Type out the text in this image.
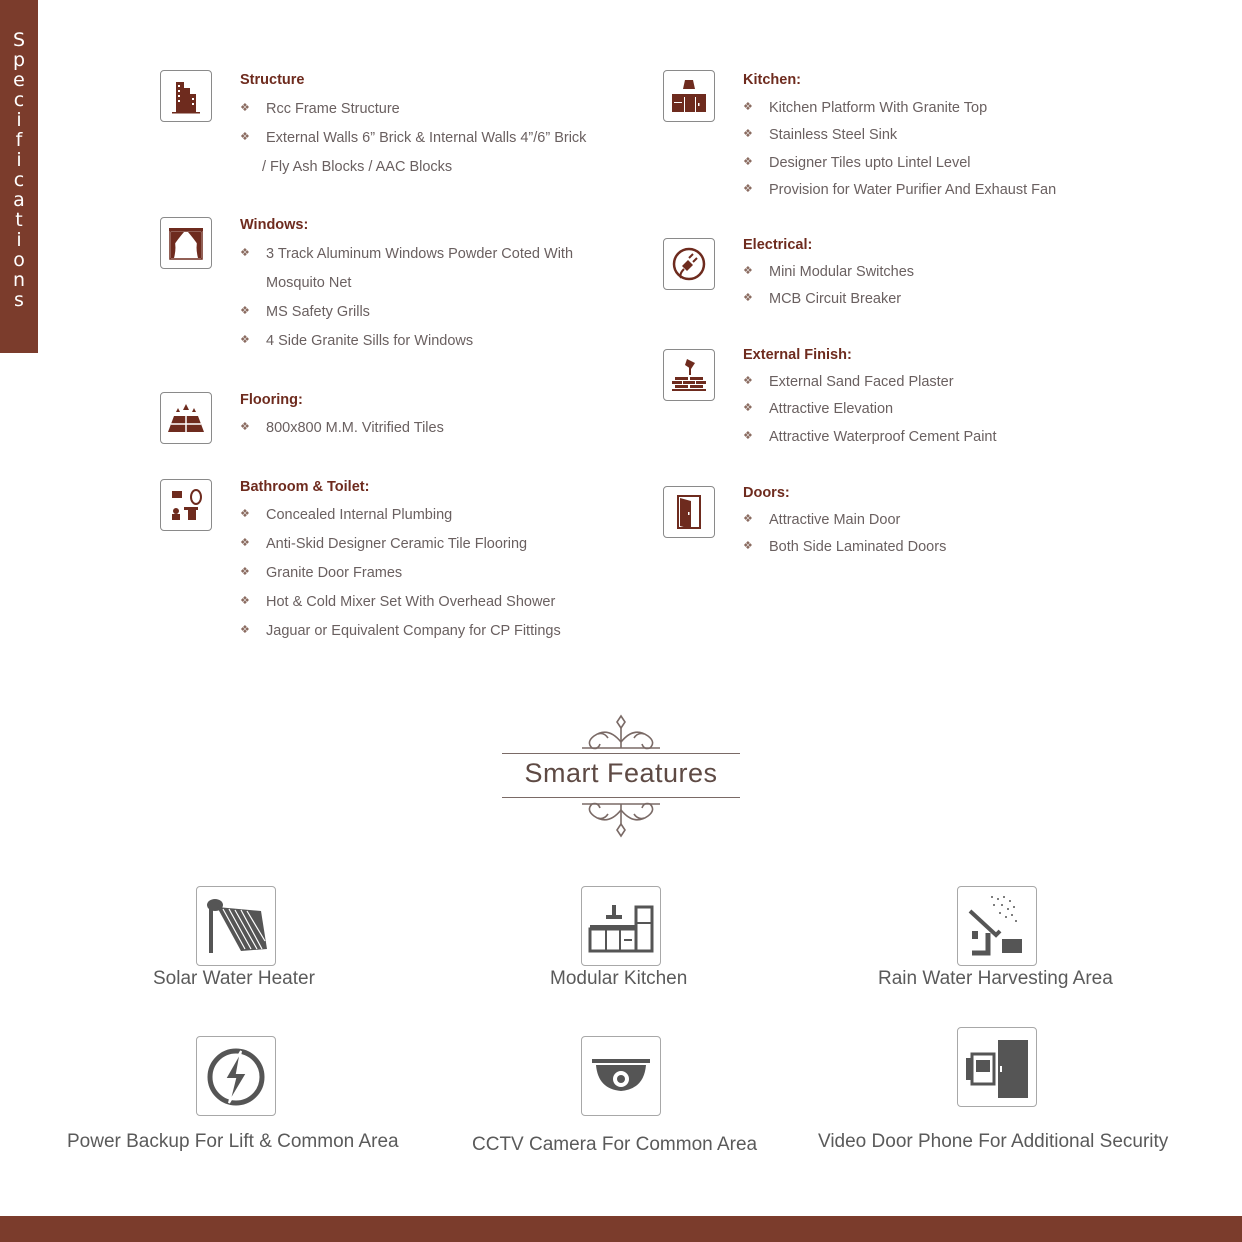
S
p
e
c
i
f
i
c
a
t
i
o
n
s
Structure
❖ Rcc Frame Structure
❖ External Walls 6” Brick & Internal Walls 4”/6” Brick
/ Fly Ash Blocks / AAC Blocks
Windows:
❖ 3 Track Aluminum Windows Powder Coted With
Mosquito Net
❖ MS Safety Grills
❖ 4 Side Granite Sills for Windows
Flooring:
❖ 800x800 M.M. Vitrified Tiles
Bathroom & Toilet:
❖ Concealed Internal Plumbing
❖ Anti-Skid Designer Ceramic Tile Flooring
❖ Granite Door Frames
❖ Hot & Cold Mixer Set With Overhead Shower
❖ Jaguar or Equivalent Company for CP Fittings
Kitchen:
❖ Kitchen Platform With Granite Top
❖ Stainless Steel Sink
❖ Designer Tiles upto Lintel Level
❖ Provision for Water Purifier And Exhaust Fan
Electrical:
❖ Mini Modular Switches
❖ MCB Circuit Breaker
External Finish:
❖ External Sand Faced Plaster
❖ Attractive Elevation
❖ Attractive Waterproof Cement Paint
Doors:
❖ Attractive Main Door
❖ Both Side Laminated Doors
Smart Features
Solar Water Heater	Modular Kitchen	Rain Water Harvesting Area
Power Backup For Lift & Common Area	CCTV Camera For Common Area	Video Door Phone For Additional Security
